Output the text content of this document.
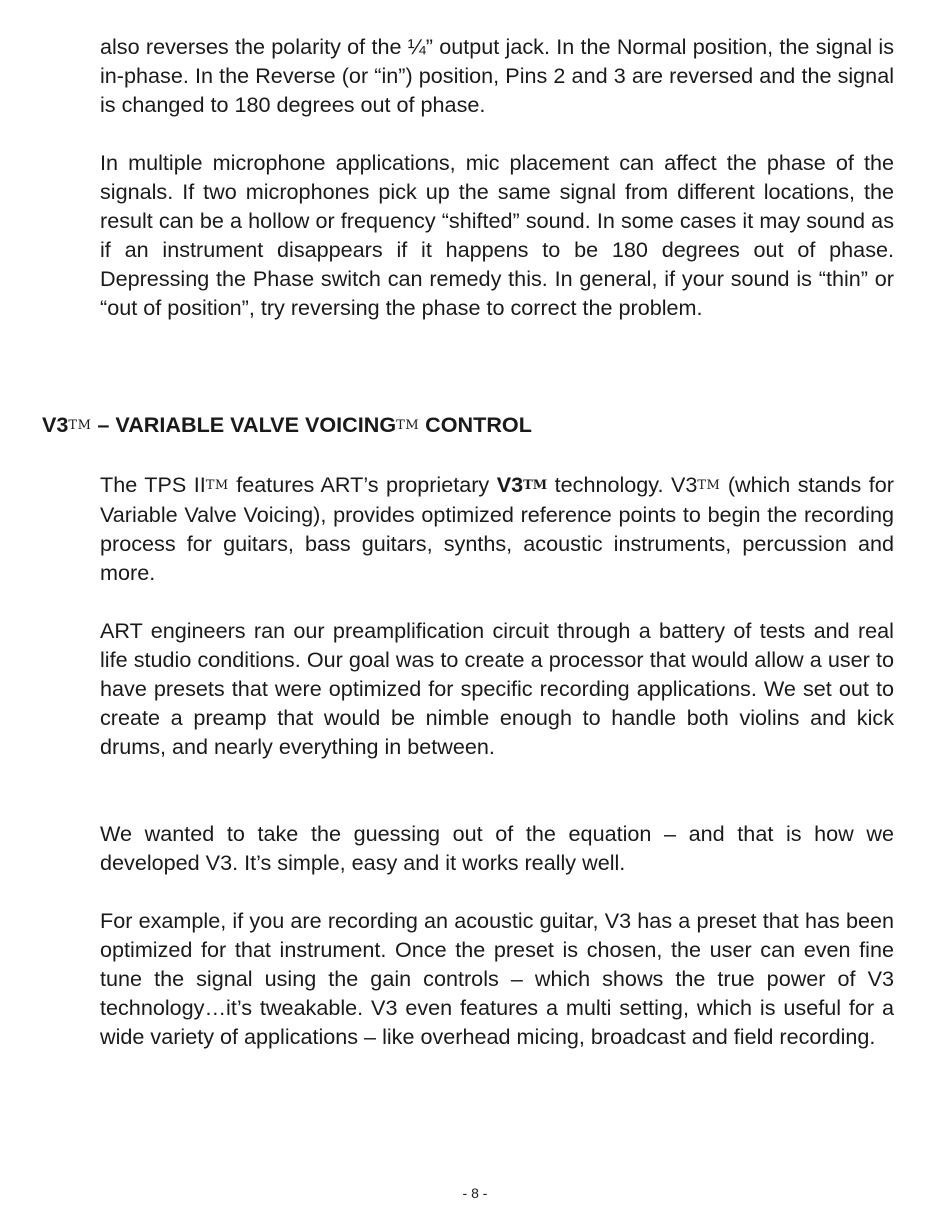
also reverses the polarity of the ¼” output jack. In the Normal position, the signal is in-phase. In the Reverse (or “in”) position, Pins 2 and 3 are reversed and the signal is changed to 180 degrees out of phase.

In multiple microphone applications, mic placement can affect the phase of the signals. If two microphones pick up the same signal from different locations, the result can be a hollow or frequency “shifted” sound. In some cases it may sound as if an instrument disappears if it happens to be 180 degrees out of phase. Depressing the Phase switch can remedy this. In general, if your sound is “thin” or “out of position”, try reversing the phase to correct the problem.

V3TM – VARIABLE VALVE VOICINGTM CONTROL

The TPS IITM features ART’s proprietary V3TM technology. V3TM (which stands for Variable Valve Voicing), provides optimized reference points to begin the recording process for guitars, bass guitars, synths, acoustic instruments, percussion and more.

ART engineers ran our preamplification circuit through a battery of tests and real life studio conditions. Our goal was to create a processor that would allow a user to have presets that were optimized for specific recording applications. We set out to create a preamp that would be nimble enough to handle both violins and kick drums, and nearly everything in between.

We wanted to take the guessing out of the equation – and that is how we developed V3. It’s simple, easy and it works really well.

For example, if you are recording an acoustic guitar, V3 has a preset that has been optimized for that instrument. Once the preset is chosen, the user can even fine tune the signal using the gain controls – which shows the true power of V3 technology…it’s tweakable. V3 even features a multi setting, which is useful for a wide variety of applications – like overhead micing, broadcast and field recording.

- 8 -
